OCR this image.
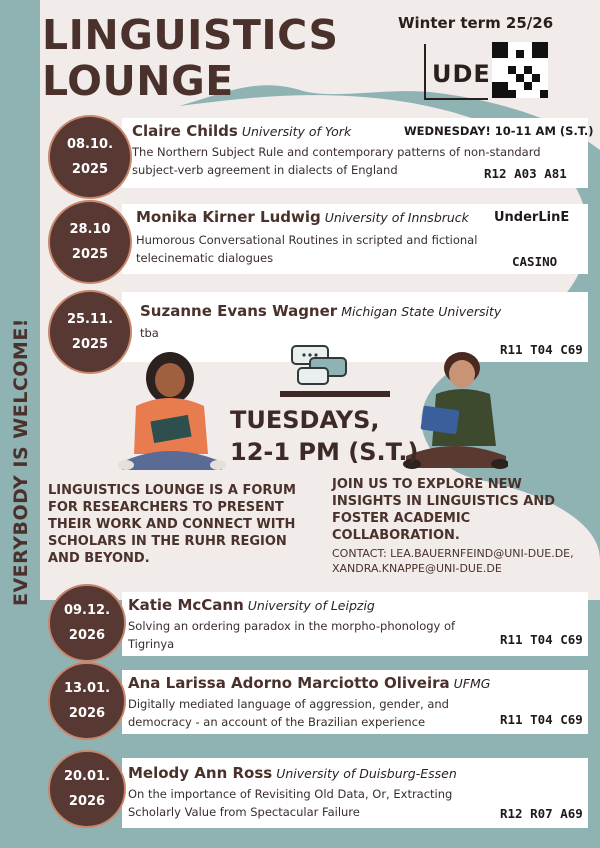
LINGUISTICS
LOUNGE
Winter term 25/26
UDE
EVERYBODY IS WELCOME!
08.10.
2025
Claire Childs University of York	WEDNESDAY! 10-11 AM (S.T.)
The Northern Subject Rule and contemporary patterns of non-standard subject-verb agreement in dialects of England	R12 A03 A81
28.10
2025
Monika Kirner Ludwig University of Innsbruck UnderLinE
Humorous Conversational Routines in scripted and fictional telecinematic dialogues	CASINO
25.11.
2025
Suzanne Evans Wagner Michigan State University
tba
R11 T04 C69
TUESDAYS,
12-1 PM (S.T.)
LINGUISTICS LOUNGE IS A FORUM FOR RESEARCHERS TO PRESENT THEIR WORK AND CONNECT WITH SCHOLARS IN THE RUHR REGION AND BEYOND.
JOIN US TO EXPLORE NEW INSIGHTS IN LINGUISTICS AND FOSTER ACADEMIC COLLABORATION.
CONTACT: LEA.BAUERNFEIND@UNI-DUE.DE,
XANDRA.KNAPPE@UNI-DUE.DE
09.12.
2026
Katie McCann University of Leipzig
Solving an ordering paradox in the morpho-phonology of Tigrinya	R11 T04 C69
13.01.
2026
Ana Larissa Adorno Marciotto Oliveira UFMG
Digitally mediated language of aggression, gender, and democracy - an account of the Brazilian experience	R11 T04 C69
20.01.
2026
Melody Ann Ross University of Duisburg-Essen
On the importance of Revisiting Old Data, Or, Extracting Scholarly Value from Spectacular Failure	R12 R07 A69
